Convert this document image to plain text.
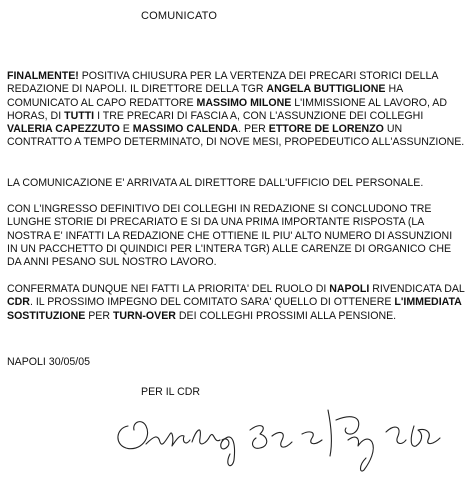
COMUNICATO
FINALMENTE! POSITIVA CHIUSURA PER LA VERTENZA DEI PRECARI STORICI DELLA REDAZIONE DI NAPOLI. IL DIRETTORE DELLA TGR ANGELA BUTTIGLIONE HA COMUNICATO AL CAPO REDATTORE MASSIMO MILONE L'IMMISSIONE AL LAVORO, AD HORAS, DI TUTTI I TRE PRECARI DI FASCIA A, CON L'ASSUNZIONE DEI COLLEGHI VALERIA CAPEZZUTO E MASSIMO CALENDA. PER ETTORE DE LORENZO UN CONTRATTO A TEMPO DETERMINATO, DI NOVE MESI, PROPEDEUTICO ALL'ASSUNZIONE.
LA COMUNICAZIONE E' ARRIVATA AL DIRETTORE DALL'UFFICIO DEL PERSONALE.
CON L'INGRESSO DEFINITIVO DEI COLLEGHI IN REDAZIONE SI CONCLUDONO TRE LUNGHE STORIE DI PRECARIATO E SI DA UNA PRIMA IMPORTANTE RISPOSTA (LA NOSTRA E' INFATTI LA REDAZIONE CHE OTTIENE IL PIU' ALTO NUMERO DI ASSUNZIONI IN UN PACCHETTO DI QUINDICI PER L'INTERA TGR) ALLE CARENZE DI ORGANICO CHE DA ANNI PESANO SUL NOSTRO LAVORO.
CONFERMATA DUNQUE NEI FATTI LA PRIORITA' DEL RUOLO DI NAPOLI RIVENDICATA DAL CDR. IL PROSSIMO IMPEGNO DEL COMITATO SARA' QUELLO DI OTTENERE L'IMMEDIATA SOSTITUZIONE PER TURN-OVER DEI COLLEGHI PROSSIMI ALLA PENSIONE.
NAPOLI 30/05/05
PER IL CDR
